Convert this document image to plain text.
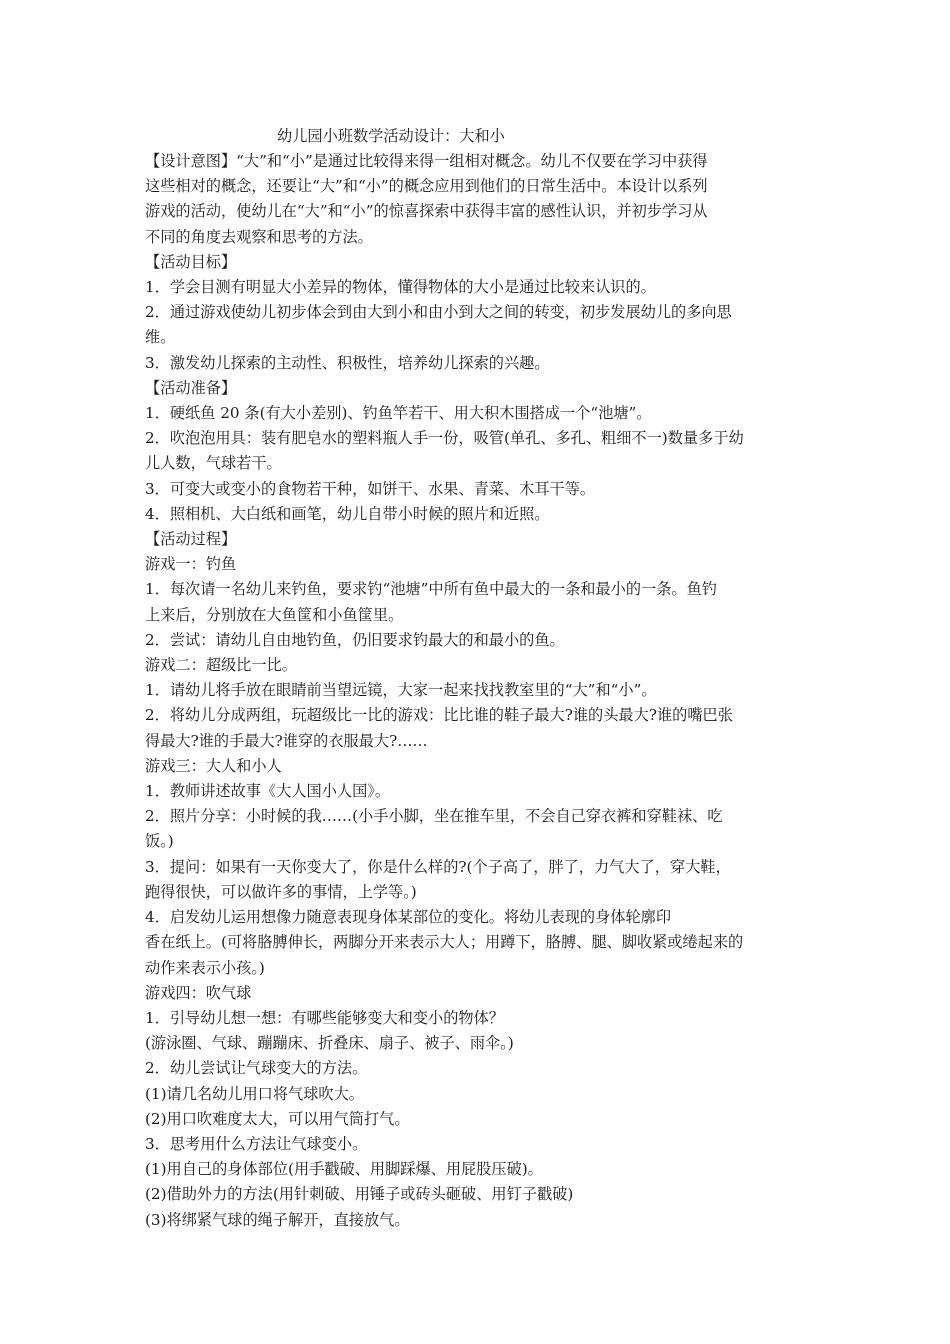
幼儿园小班数学活动设计：大和小
【设计意图】“大”和“小”是通过比较得来得一组相对概念。幼儿不仅要在学习中获得
这些相对的概念，还要让“大”和“小”的概念应用到他们的日常生活中。本设计以系列
游戏的活动，使幼儿在“大”和“小”的惊喜探索中获得丰富的感性认识，并初步学习从
不同的角度去观察和思考的方法。
【活动目标】
1．学会目测有明显大小差异的物体，懂得物体的大小是通过比较来认识的。
2．通过游戏使幼儿初步体会到由大到小和由小到大之间的转变，初步发展幼儿的多向思
维。
3．激发幼儿探索的主动性、积极性，培养幼儿探索的兴趣。
【活动准备】
1．硬纸鱼 20 条(有大小差别)、钓鱼竿若干、用大积木围搭成一个“池塘”。
2．吹泡泡用具：装有肥皂水的塑料瓶人手一份，吸管(单孔、多孔、粗细不一)数量多于幼
儿人数，气球若干。
3．可变大或变小的食物若干种，如饼干、水果、青菜、木耳干等。
4．照相机、大白纸和画笔，幼儿自带小时候的照片和近照。
【活动过程】
游戏一：钓鱼
1．每次请一名幼儿来钓鱼，要求钓“池塘”中所有鱼中最大的一条和最小的一条。鱼钓
上来后，分别放在大鱼筐和小鱼筐里。
2．尝试：请幼儿自由地钓鱼，仍旧要求钓最大的和最小的鱼。
游戏二：超级比一比。
1．请幼儿将手放在眼睛前当望远镜，大家一起来找找教室里的“大”和“小”。
2．将幼儿分成两组，玩超级比一比的游戏：比比谁的鞋子最大?谁的头最大?谁的嘴巴张
得最大?谁的手最大?谁穿的衣服最大?……
游戏三：大人和小人
1．教师讲述故事《大人国小人国》。
2．照片分享：小时候的我……(小手小脚，坐在推车里，不会自己穿衣裤和穿鞋袜、吃
饭。)
3．提问：如果有一天你变大了，你是什么样的?(个子高了，胖了，力气大了，穿大鞋，
跑得很快，可以做许多的事情，上学等。)
4．启发幼儿运用想像力随意表现身体某部位的变化。将幼儿表现的身体轮廓印
香在纸上。(可将胳膊伸长，两脚分开来表示大人；用蹲下，胳膊、腿、脚收紧或绻起来的
动作来表示小孩。)
游戏四：吹气球
1．引导幼儿想一想：有哪些能够变大和变小的物体？
(游泳圈、气球、蹦蹦床、折叠床、扇子、被子、雨伞。)
2．幼儿尝试让气球变大的方法。
(1)请几名幼儿用口将气球吹大。
(2)用口吹难度太大，可以用气筒打气。
3．思考用什么方法让气球变小。
(1)用自己的身体部位(用手戳破、用脚踩爆、用屁股压破)。
(2)借助外力的方法(用针刺破、用锤子或砖头砸破、用钉子戳破)
(3)将绑紧气球的绳子解开，直接放气。
